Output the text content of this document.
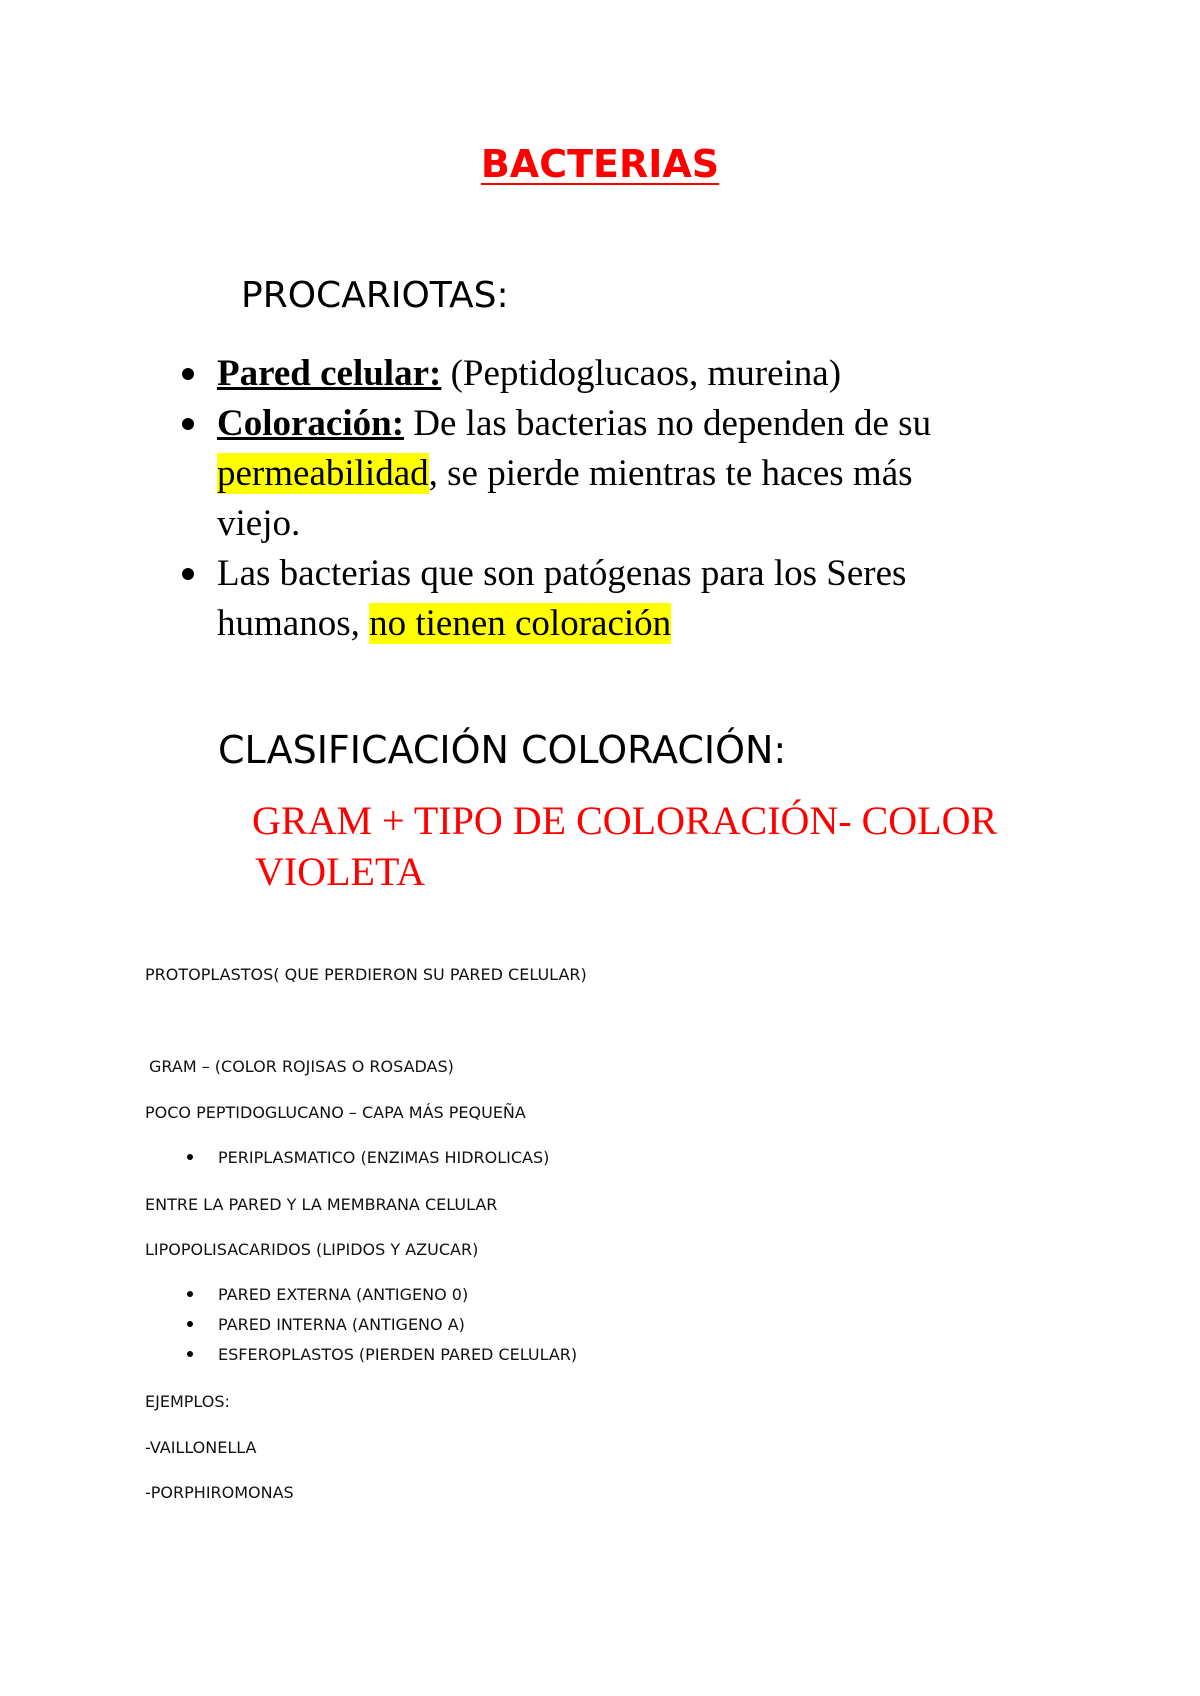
BACTERIAS
PROCARIOTAS:
Pared celular: (Peptidoglucaos, mureina)
Coloración: De las bacterias no dependen de su
permeabilidad, se pierde mientras te haces más
viejo.
Las bacterias que son patógenas para los Seres
humanos, no tienen coloración
CLASIFICACIÓN COLORACIÓN:
GRAM + TIPO DE COLORACIÓN- COLOR
VIOLETA
PROTOPLASTOS( QUE PERDIERON SU PARED CELULAR)
GRAM – (COLOR ROJISAS O ROSADAS)
POCO PEPTIDOGLUCANO – CAPA MÁS PEQUEÑA
PERIPLASMATICO (ENZIMAS HIDROLICAS)
ENTRE LA PARED Y LA MEMBRANA CELULAR
LIPOPOLISACARIDOS (LIPIDOS Y AZUCAR)
PARED EXTERNA (ANTIGENO 0)
PARED INTERNA (ANTIGENO A)
ESFEROPLASTOS (PIERDEN PARED CELULAR)
EJEMPLOS:
-VAILLONELLA
-PORPHIROMONAS
